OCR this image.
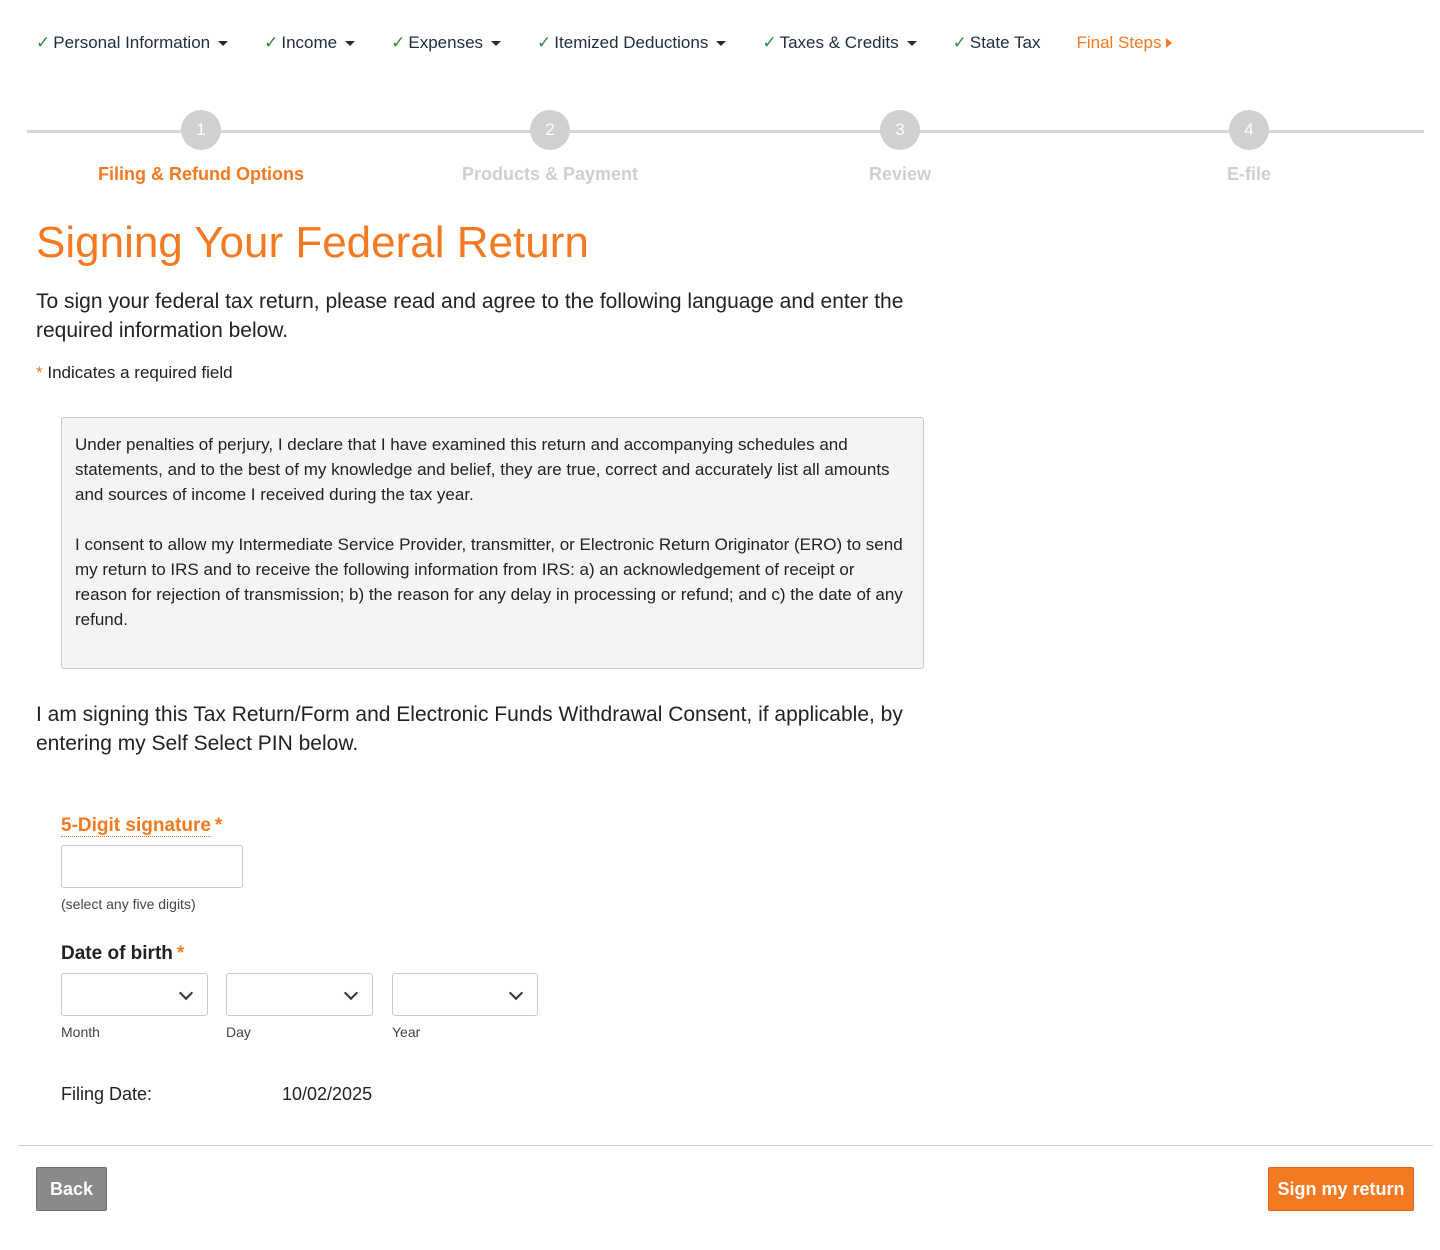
✓ Personal Information	✓ Income	✓ Expenses	✓ Itemized Deductions	✓ Taxes & Credits	✓ State Tax Final Steps
1
Filing & Refund Options
2
Products & Payment
3
Review
4
E-file
Signing Your Federal Return

To sign your federal tax return, please read and agree to the following language and enter the required information below.

* Indicates a required field

Under penalties of perjury, I declare that I have examined this return and accompanying schedules and statements, and to the best of my knowledge and belief, they are true, correct and accurately list all amounts and sources of income I received during the tax year.

I consent to allow my Intermediate Service Provider, transmitter, or Electronic Return Originator (ERO) to send my return to IRS and to receive the following information from IRS: a) an acknowledgement of receipt or reason for rejection of transmission; b) the reason for any delay in processing or refund; and c) the date of any refund.

I am signing this Tax Return/Form and Electronic Funds Withdrawal Consent, if applicable, by entering my Self Select PIN below.

5-Digit signature *
(select any five digits)
Date of birth *
Month	Day	Year
Filing Date:	10/02/2025
Back	Sign my return
